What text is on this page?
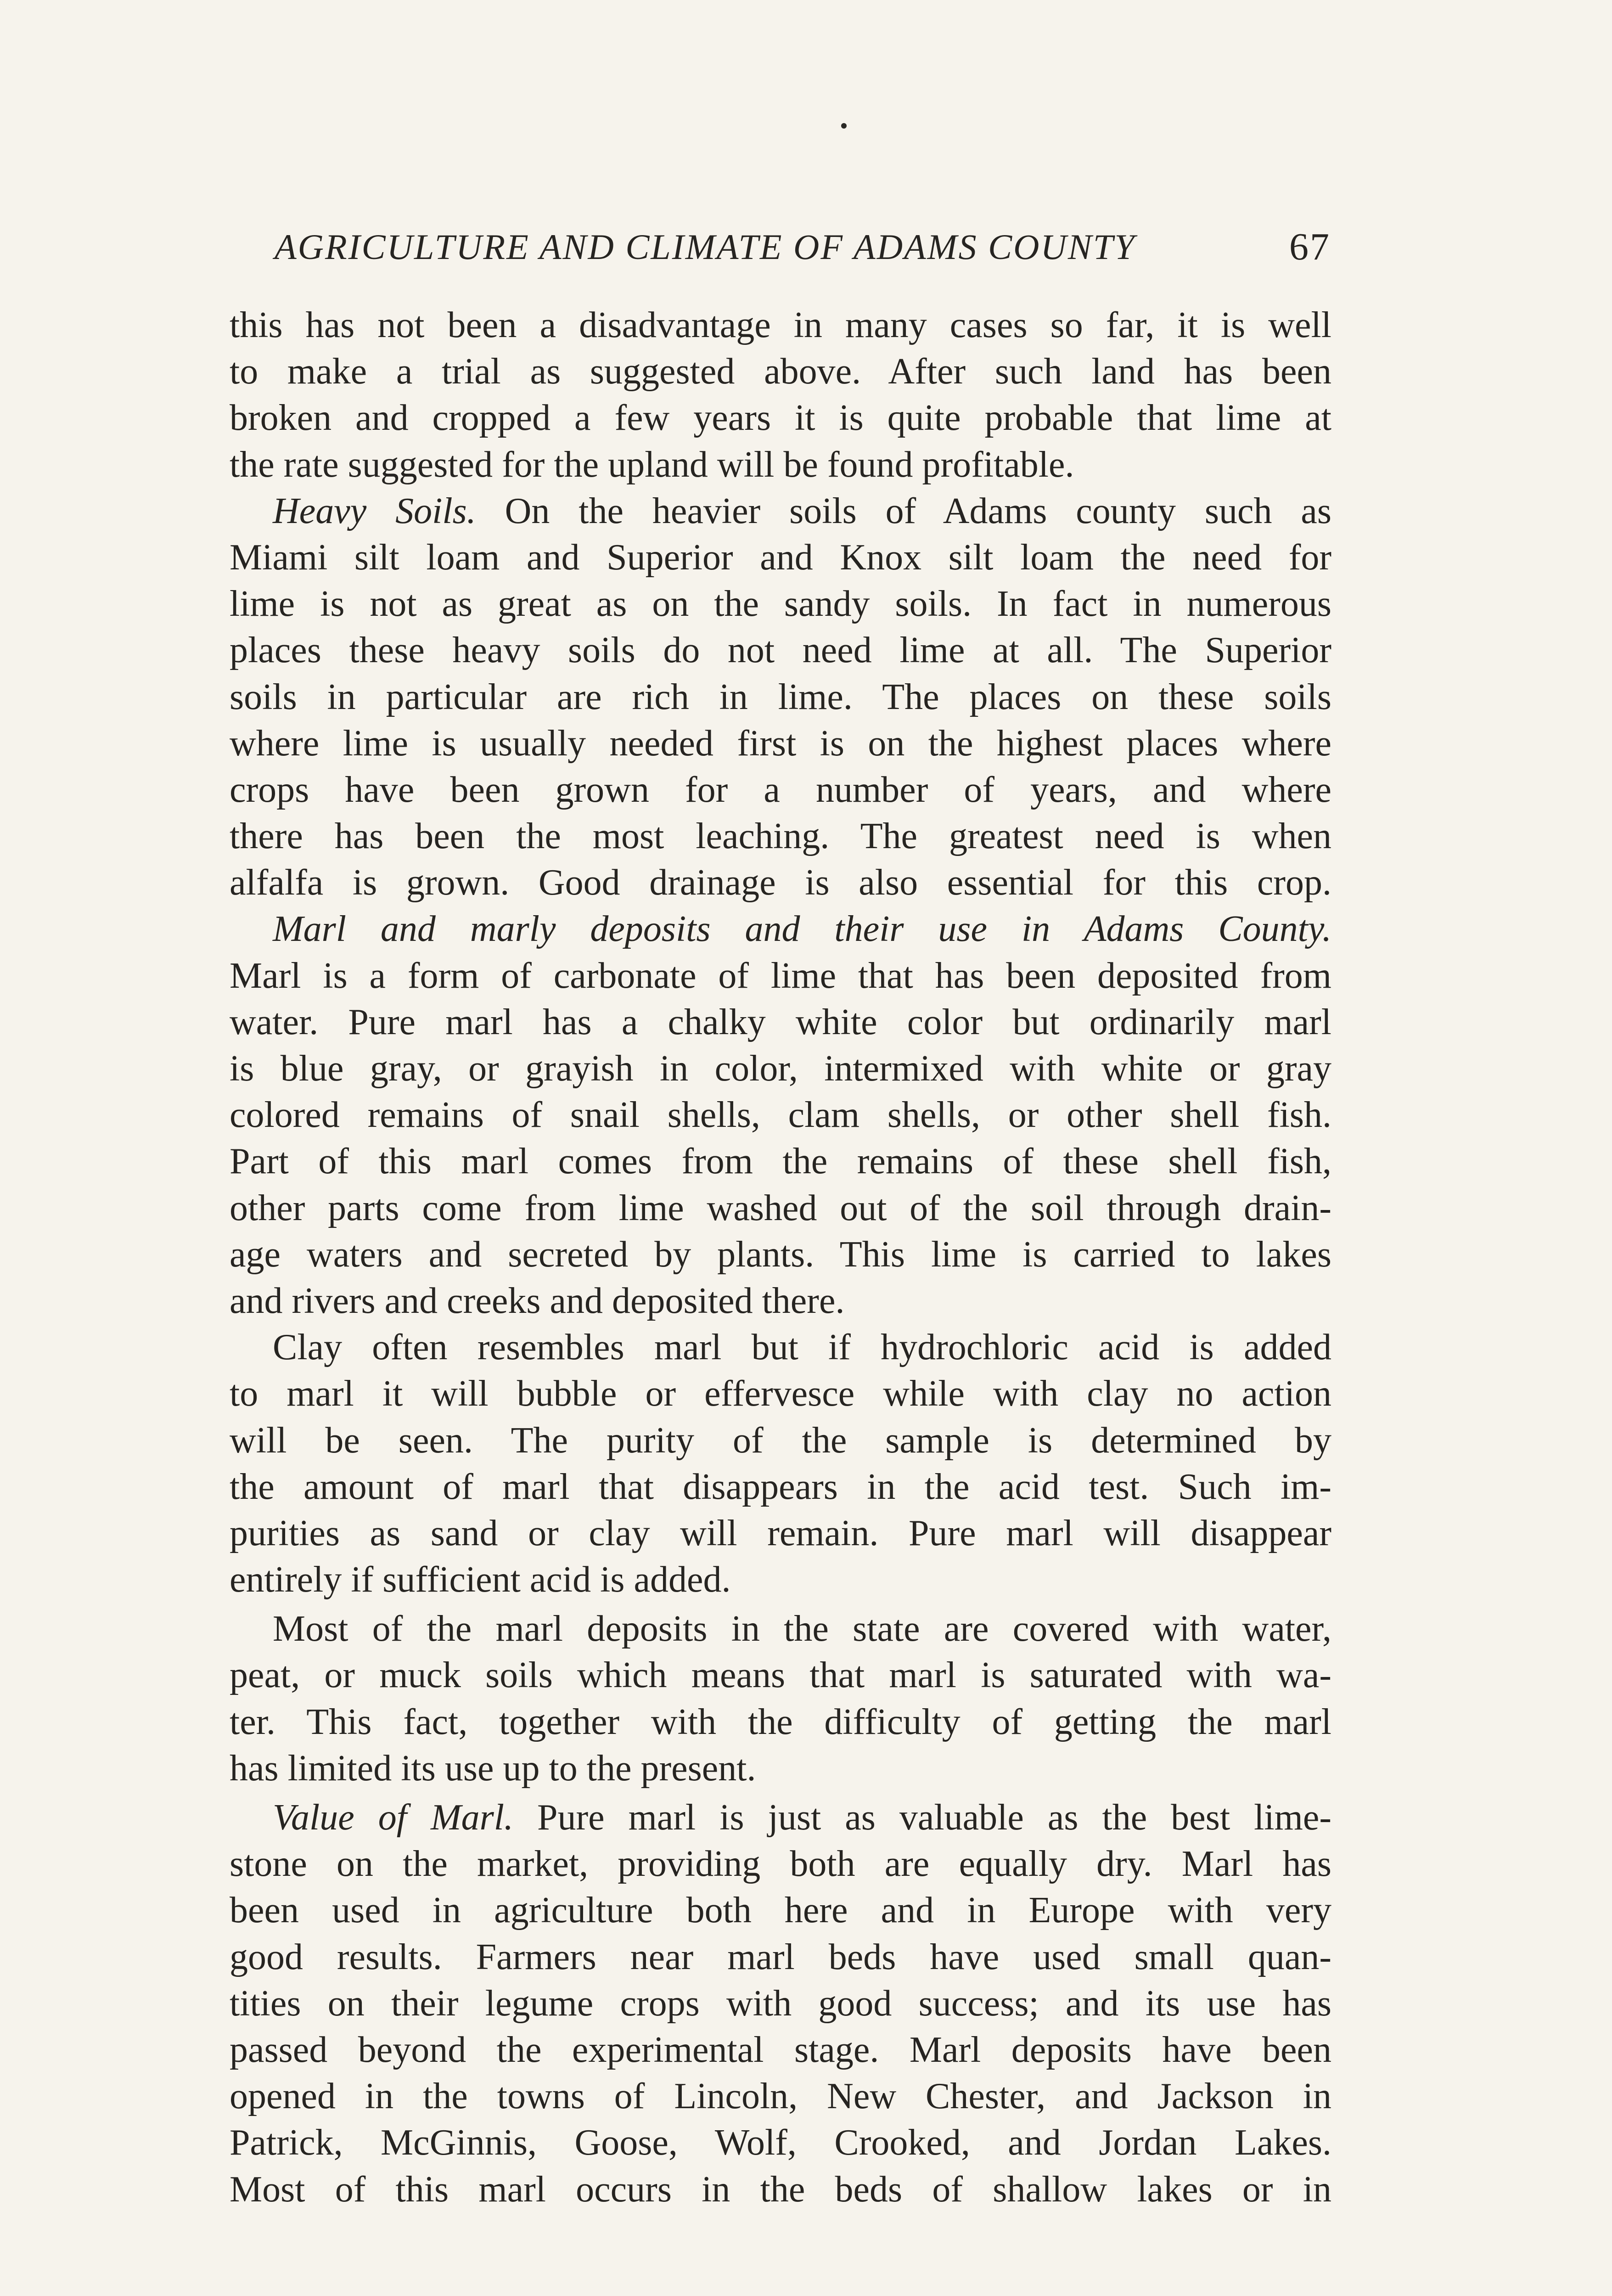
AGRICULTURE AND CLIMATE OF ADAMS COUNTY	67
this has not been a disadvantage in many cases so far, it is well
to make a trial as suggested above. After such land has been
broken and cropped a few years it is quite probable that lime at
the rate suggested for the upland will be found profitable.
Heavy Soils. On the heavier soils of Adams county such as
Miami silt loam and Superior and Knox silt loam the need for
lime is not as great as on the sandy soils. In fact in numerous
places these heavy soils do not need lime at all. The Superior
soils in particular are rich in lime. The places on these soils
where lime is usually needed first is on the highest places where
crops have been grown for a number of years, and where
there has been the most leaching. The greatest need is when
alfalfa is grown. Good drainage is also essential for this crop.
Marl and marly deposits and their use in Adams County.
Marl is a form of carbonate of lime that has been deposited from
water. Pure marl has a chalky white color but ordinarily marl
is blue gray, or grayish in color, intermixed with white or gray
colored remains of snail shells, clam shells, or other shell fish.
Part of this marl comes from the remains of these shell fish,
other parts come from lime washed out of the soil through drain-
age waters and secreted by plants. This lime is carried to lakes
and rivers and creeks and deposited there.
Clay often resembles marl but if hydrochloric acid is added
to marl it will bubble or effervesce while with clay no action
will be seen. The purity of the sample is determined by
the amount of marl that disappears in the acid test. Such im-
purities as sand or clay will remain. Pure marl will disappear
entirely if sufficient acid is added.
Most of the marl deposits in the state are covered with water,
peat, or muck soils which means that marl is saturated with wa-
ter. This fact, together with the difficulty of getting the marl
has limited its use up to the present.
Value of Marl. Pure marl is just as valuable as the best lime-
stone on the market, providing both are equally dry. Marl has
been used in agriculture both here and in Europe with very
good results. Farmers near marl beds have used small quan-
tities on their legume crops with good success; and its use has
passed beyond the experimental stage. Marl deposits have been
opened in the towns of Lincoln, New Chester, and Jackson in
Patrick, McGinnis, Goose, Wolf, Crooked, and Jordan Lakes.
Most of this marl occurs in the beds of shallow lakes or in
